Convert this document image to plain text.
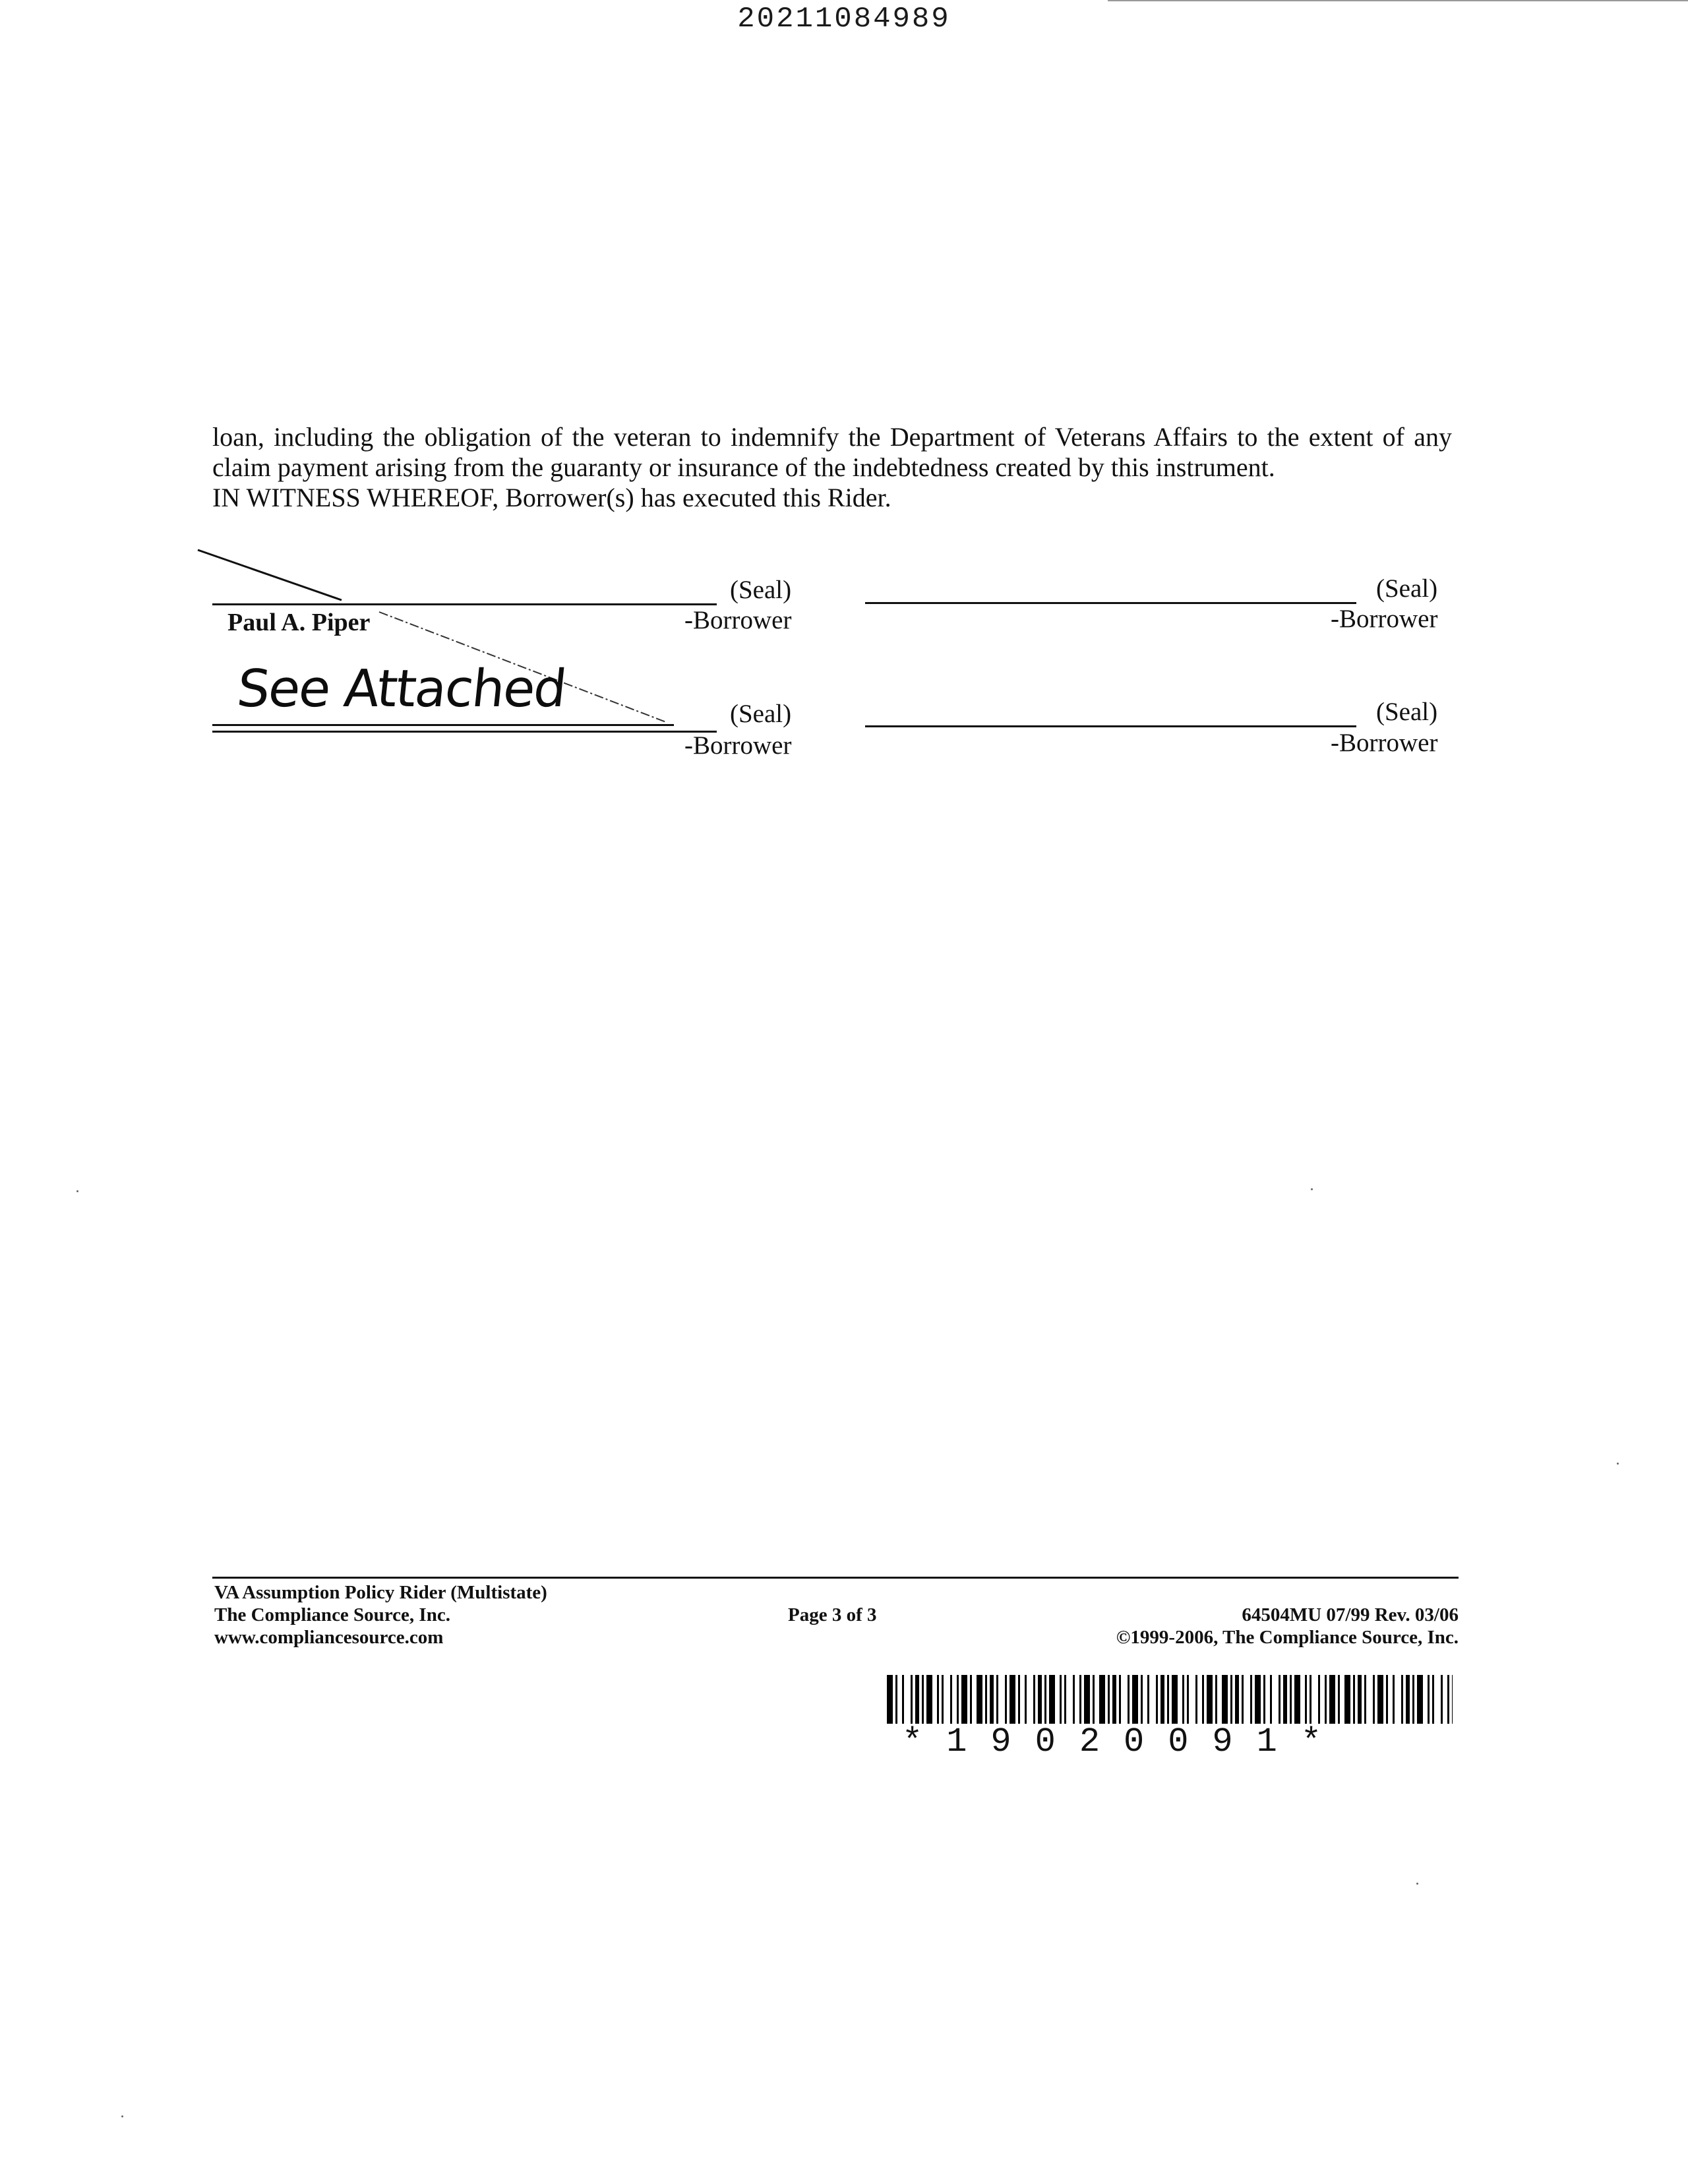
20211084989

loan, including the obligation of the veteran to indemnify the Department of Veterans Affairs to the extent of any claim payment arising from the guaranty or insurance of the indebtedness created by this instrument.

IN WITNESS WHEREOF, Borrower(s) has executed this Rider.

(Seal)
Paul A. Piper	-Borrower
(Seal)
-Borrower
See Attached	(Seal)
-Borrower
(Seal)
-Borrower
VA Assumption Policy Rider (Multistate)
The Compliance Source, Inc.
www.compliancesource.com
Page 3 of 3	64504MU 07/99 Rev. 03/06
©1999-2006, The Compliance Source, Inc.
*19020091*
